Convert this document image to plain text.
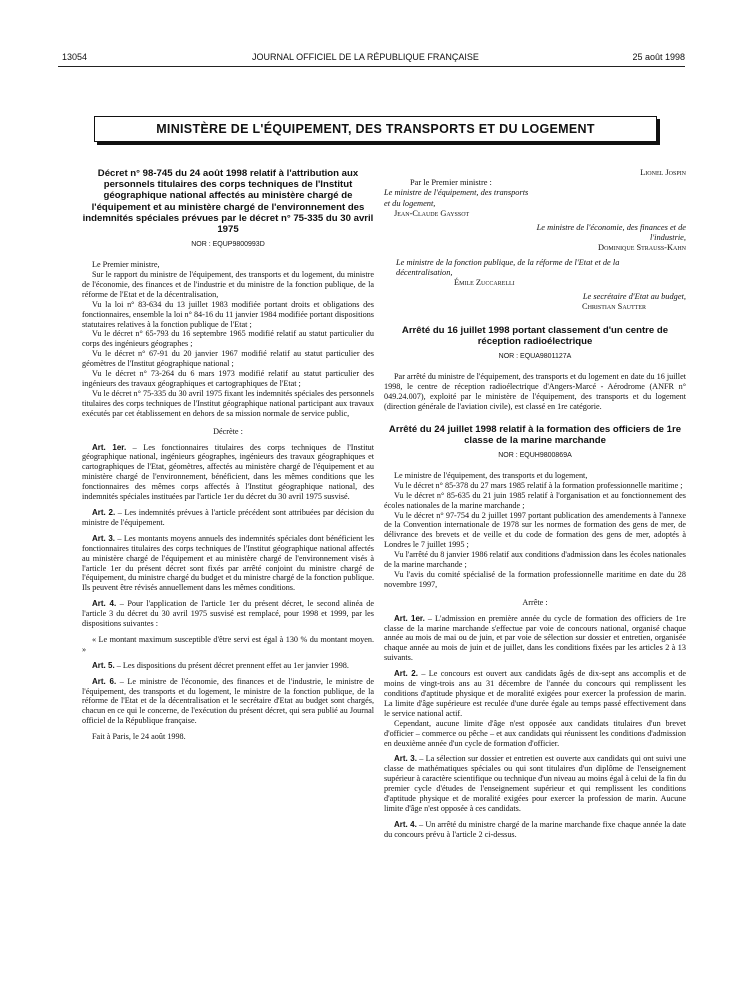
13054	JOURNAL OFFICIEL DE LA RÉPUBLIQUE FRANÇAISE	25 août 1998
MINISTÈRE DE L'ÉQUIPEMENT, DES TRANSPORTS ET DU LOGEMENT
Décret n° 98-745 du 24 août 1998 relatif à l'attribution aux personnels titulaires des corps techniques de l'Institut géographique national affectés au ministère chargé de l'équipement et au ministère chargé de l'environnement des indemnités spéciales prévues par le décret n° 75-335 du 30 avril 1975
NOR : EQUP9800993D

Le Premier ministre,

Sur le rapport du ministre de l'équipement, des transports et du logement, du ministre de l'économie, des finances et de l'industrie et du ministre de la fonction publique, de la réforme de l'Etat et de la décentralisation,

Vu la loi n° 83-634 du 13 juillet 1983 modifiée portant droits et obligations des fonctionnaires, ensemble la loi n° 84-16 du 11 janvier 1984 modifiée portant dispositions statutaires relatives à la fonction publique de l'Etat ;

Vu le décret n° 65-793 du 16 septembre 1965 modifié relatif au statut particulier du corps des ingénieurs géographes ;

Vu le décret n° 67-91 du 20 janvier 1967 modifié relatif au statut particulier des géomètres de l'Institut géographique national ;

Vu le décret n° 73-264 du 6 mars 1973 modifié relatif au statut particulier des ingénieurs des travaux géographiques et cartographiques de l'Etat ;

Vu le décret n° 75-335 du 30 avril 1975 fixant les indemnités spéciales des personnels titulaires des corps techniques de l'Institut géographique national participant aux travaux exécutés par cet établissement en dehors de sa mission normale de service public,

Décrète :

Art. 1er. – Les fonctionnaires titulaires des corps techniques de l'Institut géographique national, ingénieurs géographes, ingénieurs des travaux géographiques et cartographiques de l'Etat, géomètres, affectés au ministère chargé de l'équipement et au ministère chargé de l'environnement, bénéficient, dans les mêmes conditions que les fonctionnaires des mêmes corps affectés à l'Institut géographique national, des indemnités spéciales instituées par l'article 1er du décret du 30 avril 1975 susvisé.

Art. 2. – Les indemnités prévues à l'article précédent sont attribuées par décision du ministre de l'équipement.

Art. 3. – Les montants moyens annuels des indemnités spéciales dont bénéficient les fonctionnaires titulaires des corps techniques de l'Institut géographique national affectés au ministère chargé de l'équipement et au ministère chargé de l'environnement visés à l'article 1er du présent décret sont fixés par arrêté conjoint du ministre chargé de l'équipement, du ministre chargé du budget et du ministre chargé de la fonction publique. Ils peuvent être révisés annuellement dans les mêmes conditions.

Art. 4. – Pour l'application de l'article 1er du présent décret, le second alinéa de l'article 3 du décret du 30 avril 1975 susvisé est remplacé, pour 1998 et 1999, par les dispositions suivantes :

« Le montant maximum susceptible d'être servi est égal à 130 % du montant moyen. »

Art. 5. – Les dispositions du présent décret prennent effet au 1er janvier 1998.

Art. 6. – Le ministre de l'économie, des finances et de l'industrie, le ministre de l'équipement, des transports et du logement, le ministre de la fonction publique, de la réforme de l'Etat et de la décentralisation et le secrétaire d'Etat au budget sont chargés, chacun en ce qui le concerne, de l'exécution du présent décret, qui sera publié au Journal officiel de la République française.

Fait à Paris, le 24 août 1998.

Lionel Jospin
Par le Premier ministre :
Le ministre de l'équipement, des transports et du logement,
Jean-Claude Gayssot
Le ministre de l'économie, des finances et de l'industrie,
Dominique Strauss-Kahn
Le ministre de la fonction publique, de la réforme de l'Etat et de la décentralisation,
Émile Zuccarelli
Le secrétaire d'Etat au budget,
Christian Sautter
Arrêté du 16 juillet 1998 portant classement d'un centre de réception radioélectrique
NOR : EQUA9801127A

Par arrêté du ministre de l'équipement, des transports et du logement en date du 16 juillet 1998, le centre de réception radioélectrique d'Angers-Marcé - Aérodrome (ANFR n° 049.24.007), exploité par le ministère de l'équipement, des transports et du logement (direction générale de l'aviation civile), est classé en 1re catégorie.

Arrêté du 24 juillet 1998 relatif à la formation des officiers de 1re classe de la marine marchande
NOR : EQUH9800869A

Le ministre de l'équipement, des transports et du logement,

Vu le décret n° 85-378 du 27 mars 1985 relatif à la formation professionnelle maritime ;

Vu le décret n° 85-635 du 21 juin 1985 relatif à l'organisation et au fonctionnement des écoles nationales de la marine marchande ;

Vu le décret n° 97-754 du 2 juillet 1997 portant publication des amendements à l'annexe de la Convention internationale de 1978 sur les normes de formation des gens de mer, de délivrance des brevets et de veille et du code de formation des gens de mer, adoptés à Londres le 7 juillet 1995 ;

Vu l'arrêté du 8 janvier 1986 relatif aux conditions d'admission dans les écoles nationales de la marine marchande ;

Vu l'avis du comité spécialisé de la formation professionnelle maritime en date du 28 novembre 1997,

Arrête :

Art. 1er. – L'admission en première année du cycle de formation des officiers de 1re classe de la marine marchande s'effectue par voie de concours national, organisé chaque année au mois de mai ou de juin, et par voie de sélection sur dossier et entretien, organisée chaque année au mois de juin et de juillet, dans les conditions fixées par les articles 2 à 13 suivants.

Art. 2. – Le concours est ouvert aux candidats âgés de dix-sept ans accomplis et de moins de vingt-trois ans au 31 décembre de l'année du concours qui remplissent les conditions d'aptitude physique et de moralité exigées pour exercer la profession de marin. La limite d'âge supérieure est reculée d'une durée égale au temps passé effectivement dans le service national actif.

Cependant, aucune limite d'âge n'est opposée aux candidats titulaires d'un brevet d'officier – commerce ou pêche – et aux candidats qui réunissent les conditions d'admission en deuxième année d'un cycle de formation d'officier.

Art. 3. – La sélection sur dossier et entretien est ouverte aux candidats qui ont suivi une classe de mathématiques spéciales ou qui sont titulaires d'un diplôme de l'enseignement supérieur à caractère scientifique ou technique d'un niveau au moins égal à celui de la fin du premier cycle d'études de l'enseignement supérieur et qui remplissent les conditions d'aptitude physique et de moralité exigées pour exercer la profession de marin. Aucune limite d'âge n'est opposée à ces candidats.

Art. 4. – Un arrêté du ministre chargé de la marine marchande fixe chaque année la date du concours prévu à l'article 2 ci-dessus.
